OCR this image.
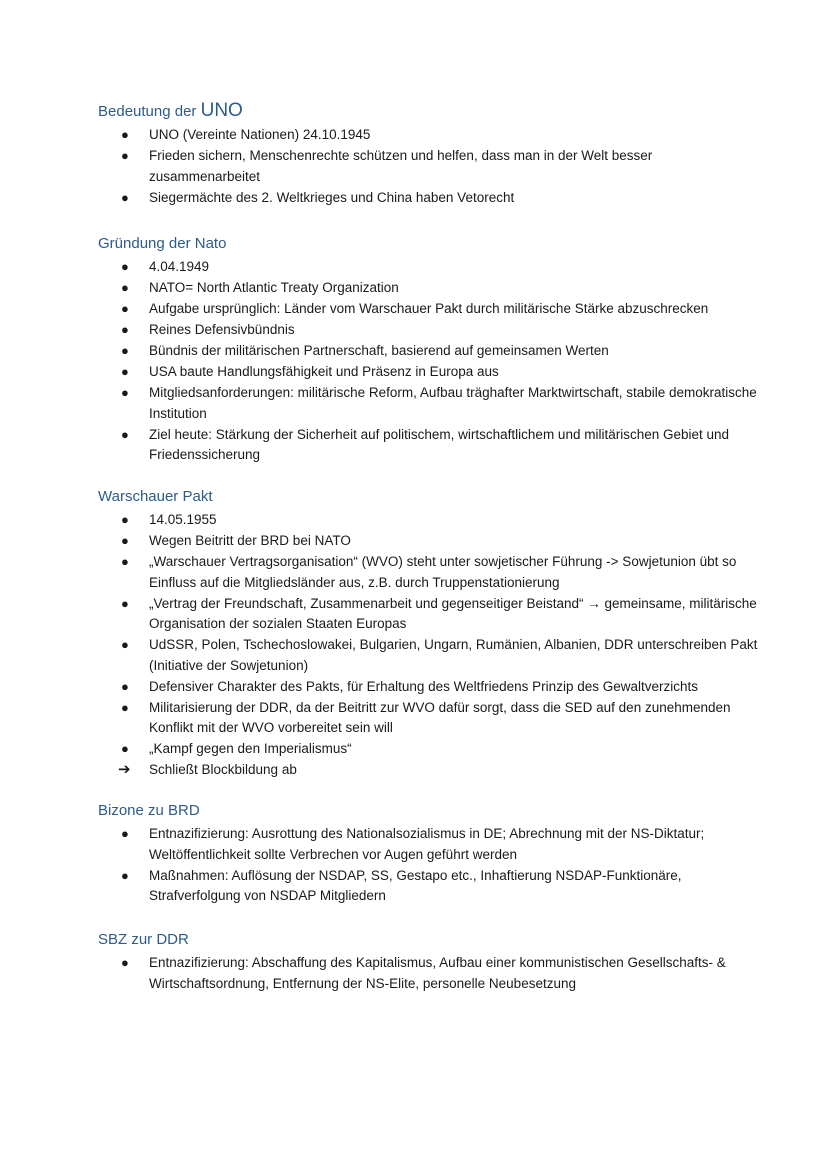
Bedeutung der UNO
● UNO (Vereinte Nationen) 24.10.1945
● Frieden sichern, Menschenrechte schützen und helfen, dass man in der Welt besser zusammenarbeitet
● Siegermächte des 2. Weltkrieges und China haben Vetorecht
Gründung der Nato
● 4.04.1949
● NATO= North Atlantic Treaty Organization
● Aufgabe ursprünglich: Länder vom Warschauer Pakt durch militärische Stärke abzuschrecken
● Reines Defensivbündnis
● Bündnis der militärischen Partnerschaft, basierend auf gemeinsamen Werten
● USA baute Handlungsfähigkeit und Präsenz in Europa aus
● Mitgliedsanforderungen: militärische Reform, Aufbau träghafter Marktwirtschaft, stabile demokratische Institution
● Ziel heute: Stärkung der Sicherheit auf politischem, wirtschaftlichem und militärischen Gebiet und Friedenssicherung
Warschauer Pakt
● 14.05.1955
● Wegen Beitritt der BRD bei NATO
● „Warschauer Vertragsorganisation“ (WVO) steht unter sowjetischer Führung -> Sowjetunion übt so Einfluss auf die Mitgliedsländer aus, z.B. durch Truppenstationierung
● „Vertrag der Freundschaft, Zusammenarbeit und gegenseitiger Beistand“ → gemeinsame, militärische Organisation der sozialen Staaten Europas
● UdSSR, Polen, Tschechoslowakei, Bulgarien, Ungarn, Rumänien, Albanien, DDR unterschreiben Pakt (Initiative der Sowjetunion)
● Defensiver Charakter des Pakts, für Erhaltung des Weltfriedens Prinzip des Gewaltverzichts
● Militarisierung der DDR, da der Beitritt zur WVO dafür sorgt, dass die SED auf den zunehmenden Konflikt mit der WVO vorbereitet sein will
● „Kampf gegen den Imperialismus“
➔ Schließt Blockbildung ab
Bizone zu BRD
● Entnazifizierung: Ausrottung des Nationalsozialismus in DE; Abrechnung mit der NS-Diktatur; Weltöffentlichkeit sollte Verbrechen vor Augen geführt werden
● Maßnahmen: Auflösung der NSDAP, SS, Gestapo etc., Inhaftierung NSDAP-Funktionäre, Strafverfolgung von NSDAP Mitgliedern
SBZ zur DDR
● Entnazifizierung: Abschaffung des Kapitalismus, Aufbau einer kommunistischen Gesellschafts- & Wirtschaftsordnung, Entfernung der NS-Elite, personelle Neubesetzung
